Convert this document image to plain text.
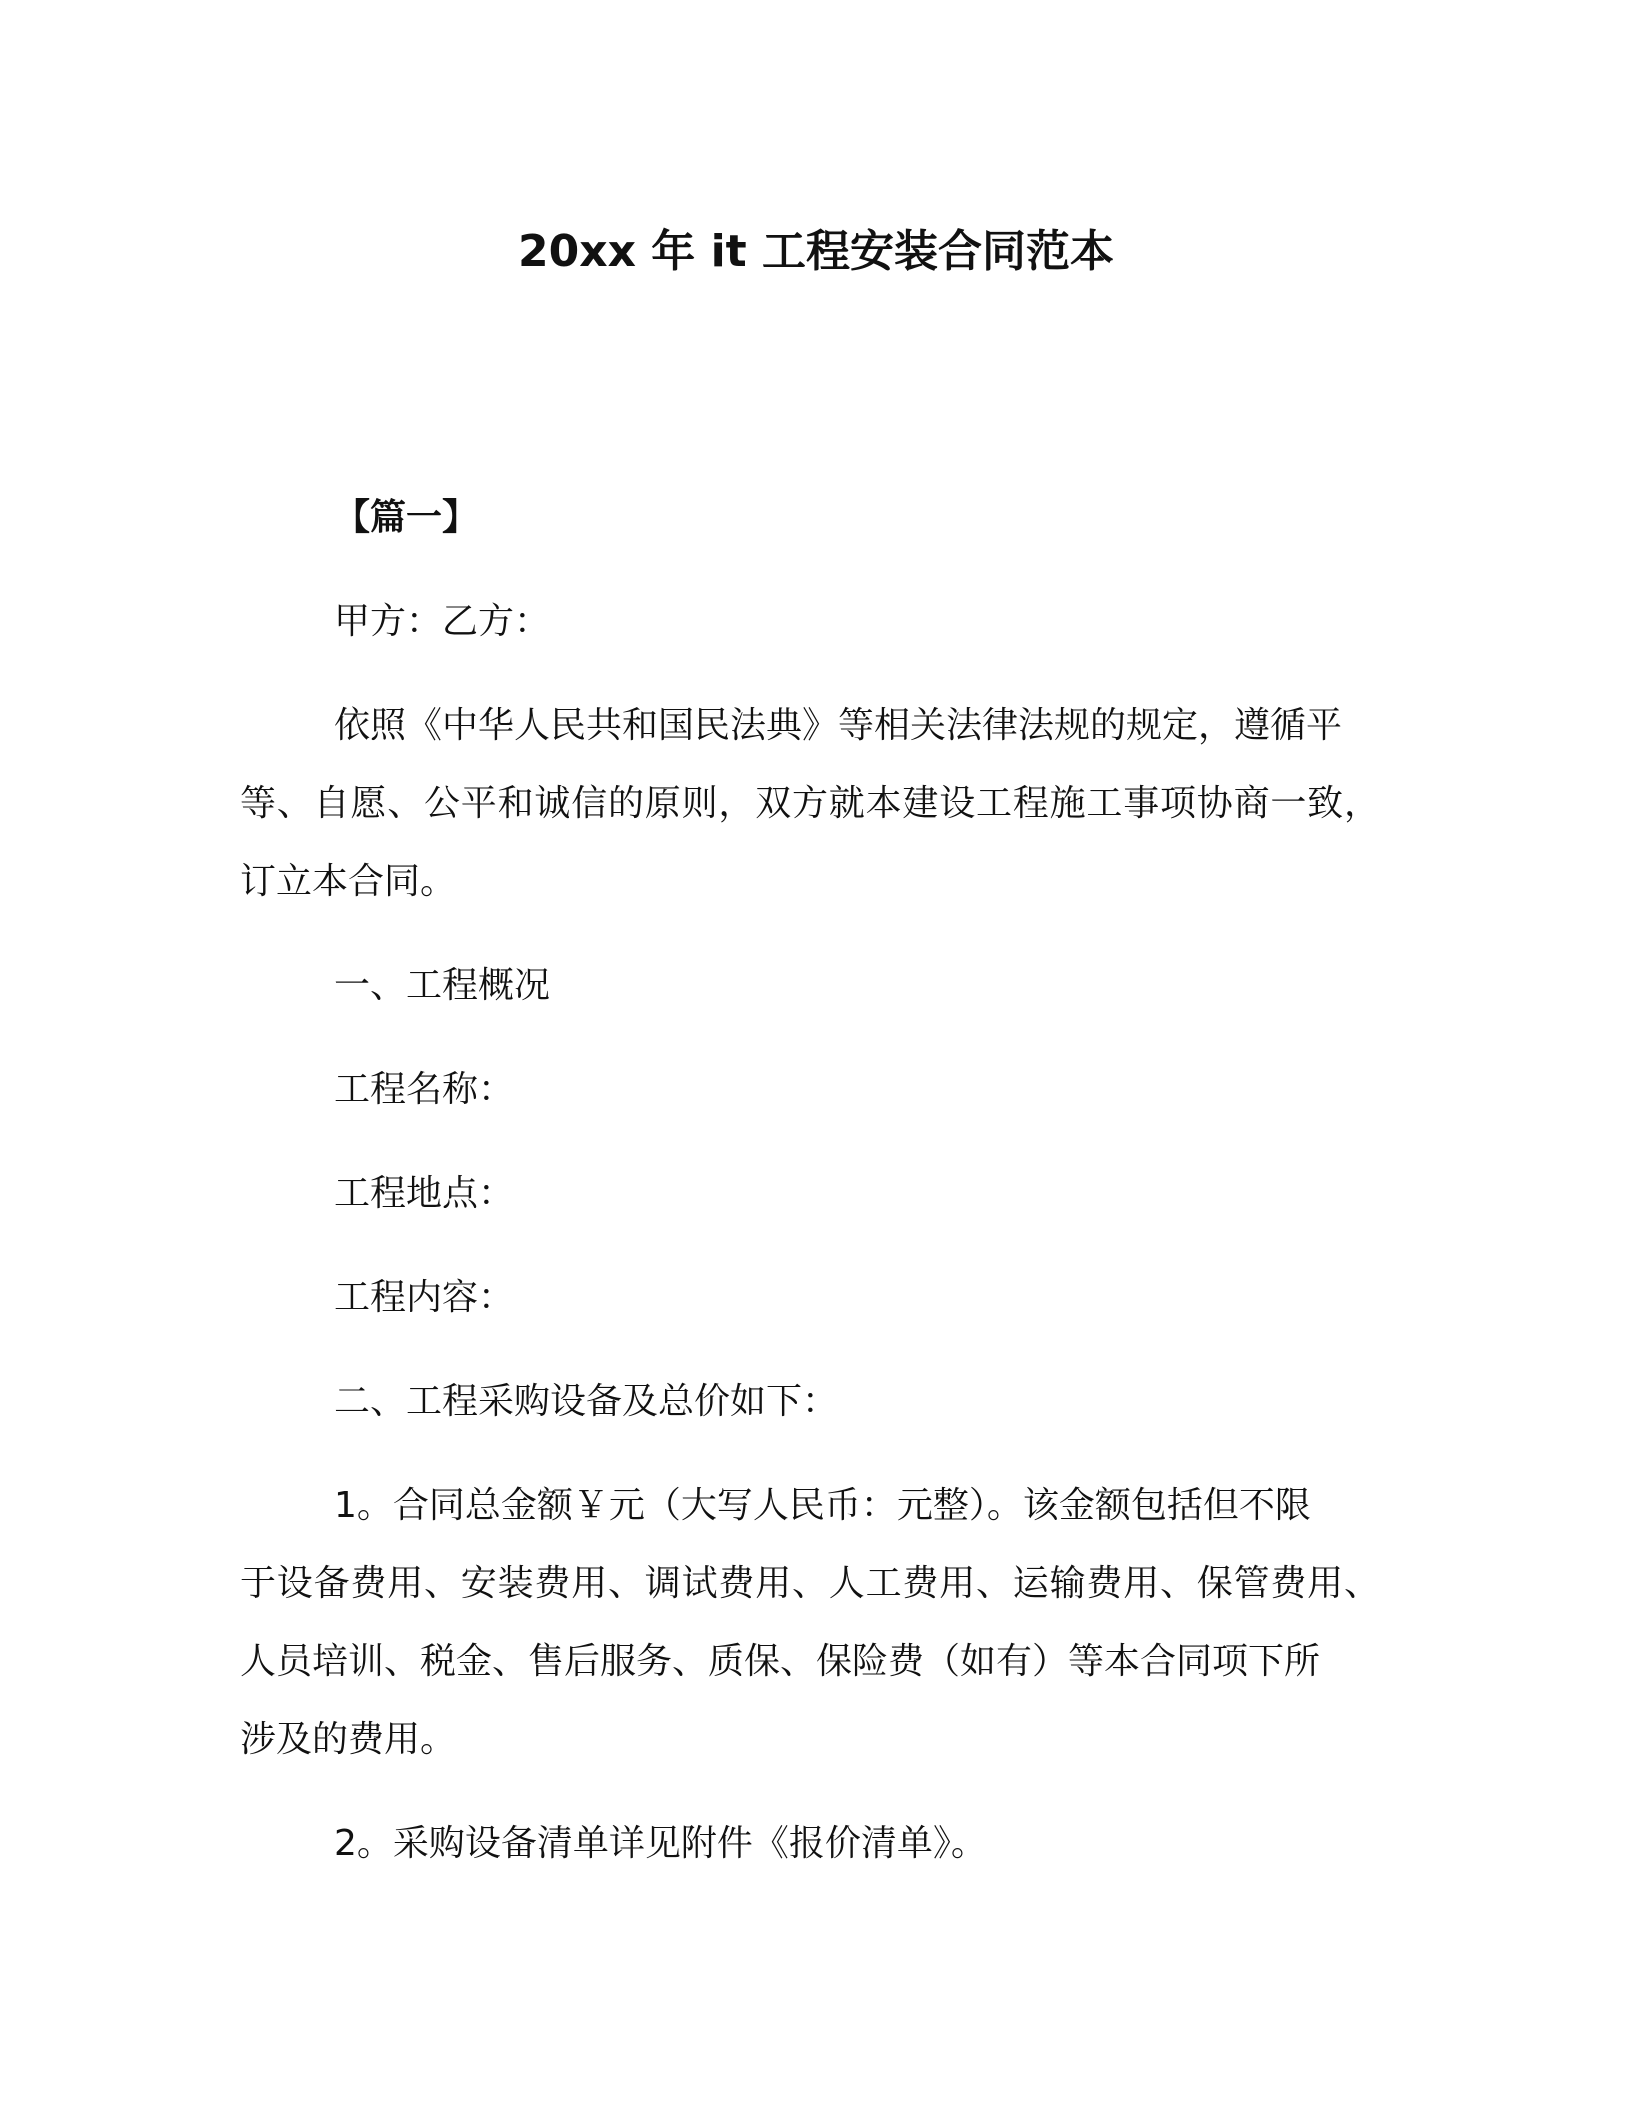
20xx 年 it 工程安装合同范本
【篇一】
甲方：乙方：
依照《中华人民共和国民法典》等相关法律法规的规定，遵循平
等、自愿、公平和诚信的原则，双方就本建设工程施工事项协商一致，
订立本合同。
一、工程概况
工程名称：
工程地点：
工程内容：
二、工程采购设备及总价如下：
1。合同总金额￥元（大写人民币：元整）。该金额包括但不限
于设备费用、安装费用、调试费用、人工费用、运输费用、保管费用、
人员培训、税金、售后服务、质保、保险费（如有）等本合同项下所
涉及的费用。
2。采购设备清单详见附件《报价清单》。
